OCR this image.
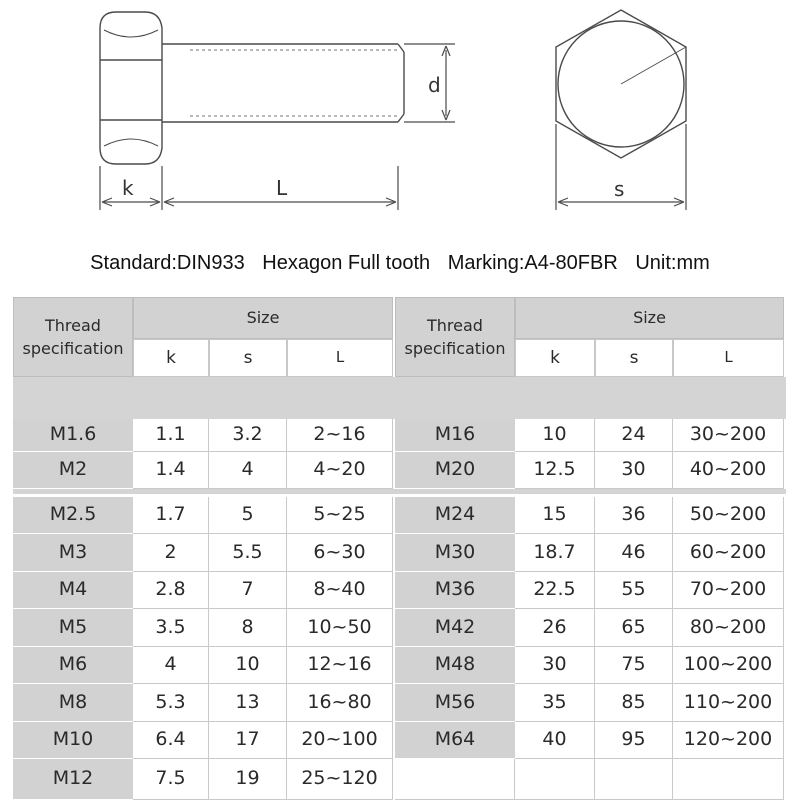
k	L
d
s
Standard:DIN933 Hexagon Full tooth Marking:A4-80FBR Unit:mm
Thread
specification
Size
k	s	L
Thread
specification
Size
k	s	L
M1.6	1.1	3.2	2~16
M2	1.4	4	4~20
M2.5	1.7	5	5~25
M3	2	5.5	6~30
M4	2.8	7	8~40
M5	3.5	8	10~50
M6	4	10	12~16
M8	5.3	13	16~80
M10	6.4	17	20~100
M12	7.5	19	25~120
M16	10	24	30~200
M20	12.5	30	40~200
M24	15	36	50~200
M30	18.7	46	60~200
M36	22.5	55	70~200
M42	26	65	80~200
M48	30	75	100~200
M56	35	85	110~200
M64	40	95	120~200
